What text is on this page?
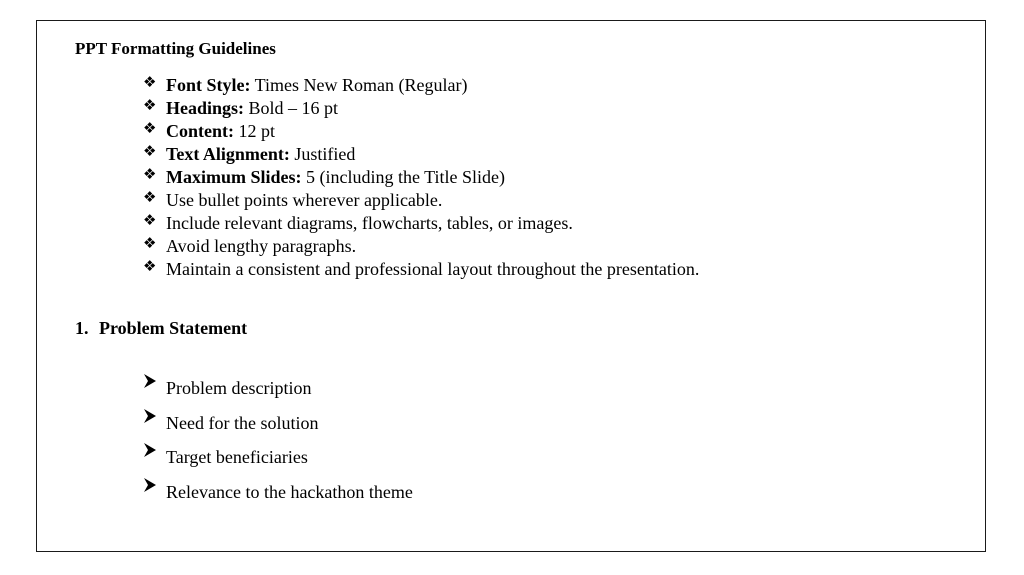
PPT Formatting Guidelines
❖ Font Style: Times New Roman (Regular)
❖ Headings: Bold – 16 pt
❖ Content: 12 pt
❖ Text Alignment: Justified
❖ Maximum Slides: 5 (including the Title Slide)
❖ Use bullet points wherever applicable.
❖ Include relevant diagrams, flowcharts, tables, or images.
❖ Avoid lengthy paragraphs.
❖ Maintain a consistent and professional layout throughout the presentation.
1. Problem Statement
Problem description
Need for the solution
Target beneficiaries
Relevance to the hackathon theme
